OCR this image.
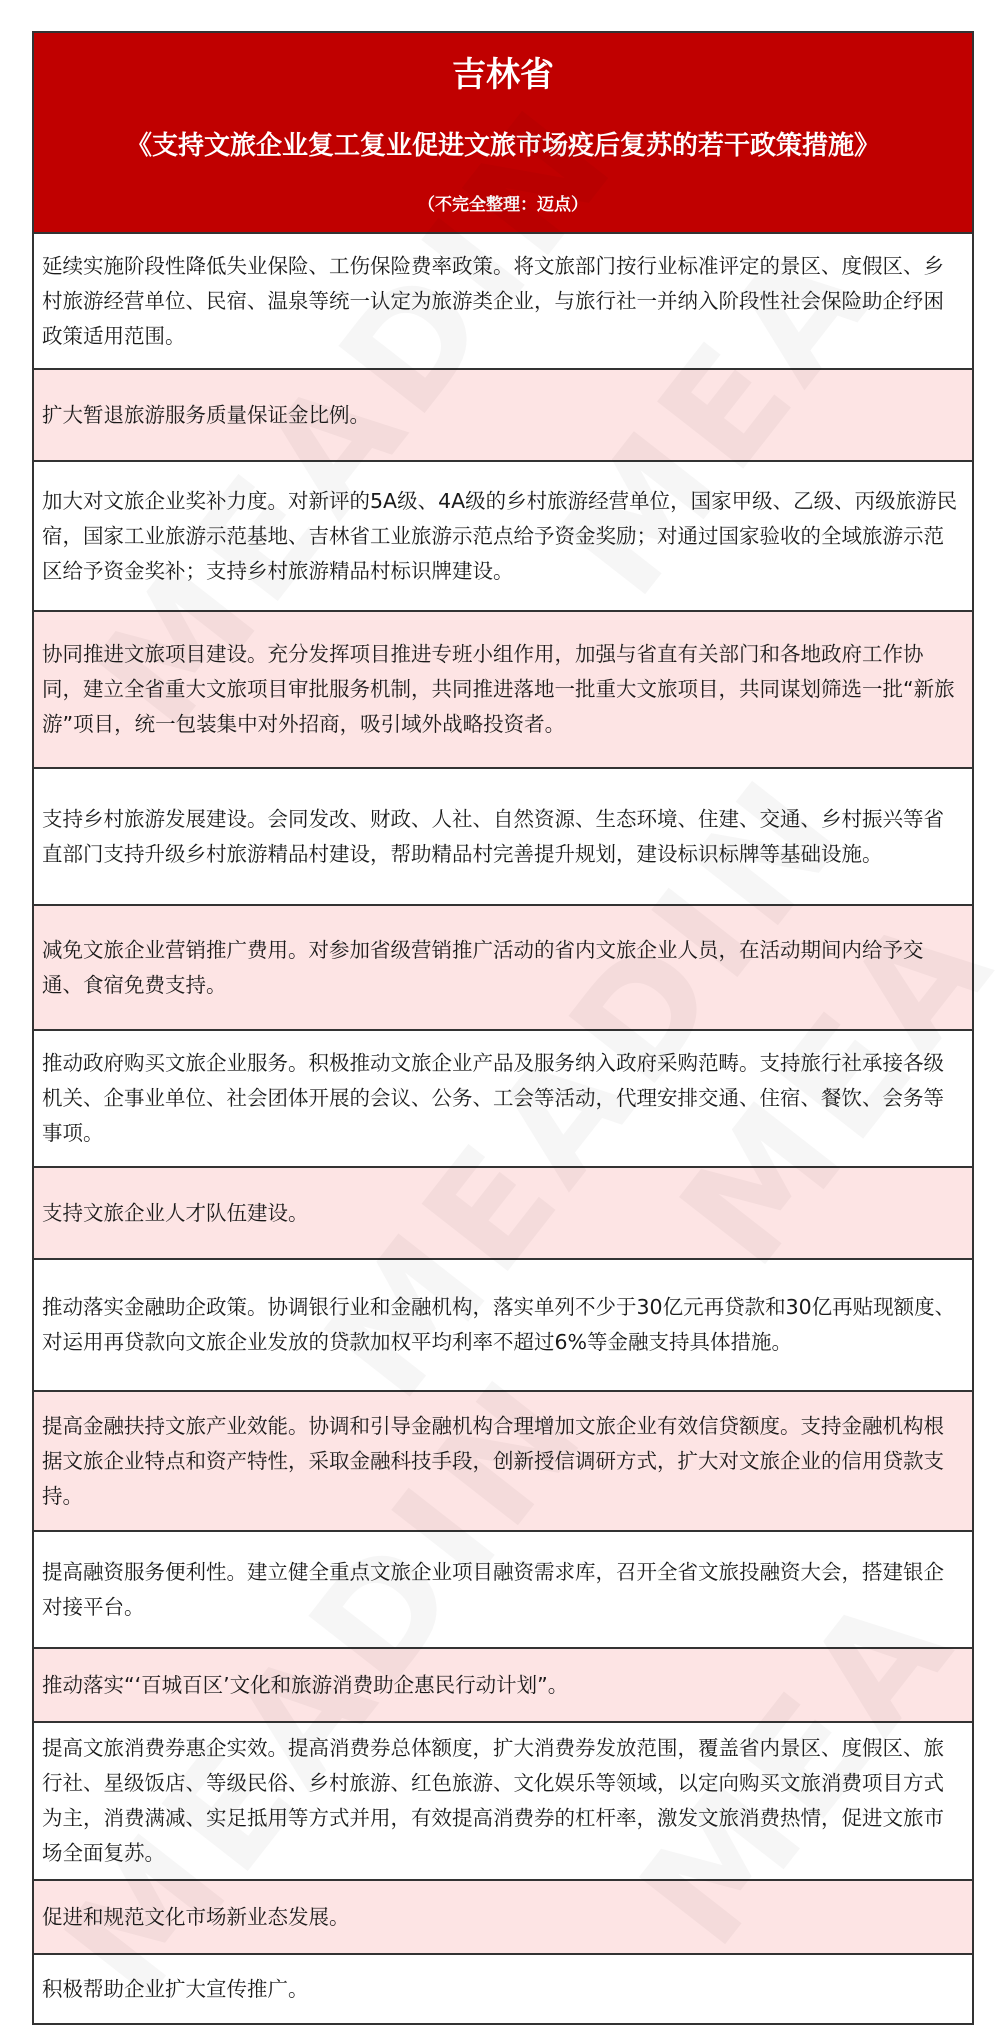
吉林省
《支持文旅企业复工复业促进文旅市场疫后复苏的若干政策措施》
（不完全整理：迈点）
延续实施阶段性降低失业保险、工伤保险费率政策。将文旅部门按行业标准评定的景区、度假区、乡村旅游经营单位、民宿、温泉等统一认定为旅游类企业，与旅行社一并纳入阶段性社会保险助企纾困政策适用范围。
扩大暂退旅游服务质量保证金比例。
加大对文旅企业奖补力度。对新评的5A级、4A级的乡村旅游经营单位，国家甲级、乙级、丙级旅游民宿，国家工业旅游示范基地、吉林省工业旅游示范点给予资金奖励；对通过国家验收的全域旅游示范区给予资金奖补；支持乡村旅游精品村标识牌建设。
协同推进文旅项目建设。充分发挥项目推进专班小组作用，加强与省直有关部门和各地政府工作协同，建立全省重大文旅项目审批服务机制，共同推进落地一批重大文旅项目，共同谋划筛选一批“新旅游”项目，统一包装集中对外招商，吸引域外战略投资者。
支持乡村旅游发展建设。会同发改、财政、人社、自然资源、生态环境、住建、交通、乡村振兴等省直部门支持升级乡村旅游精品村建设，帮助精品村完善提升规划，建设标识标牌等基础设施。
减免文旅企业营销推广费用。对参加省级营销推广活动的省内文旅企业人员，在活动期间内给予交通、食宿免费支持。
推动政府购买文旅企业服务。积极推动文旅企业产品及服务纳入政府采购范畴。支持旅行社承接各级机关、企事业单位、社会团体开展的会议、公务、工会等活动，代理安排交通、住宿、餐饮、会务等事项。
支持文旅企业人才队伍建设。
推动落实金融助企政策。协调银行业和金融机构，落实单列不少于30亿元再贷款和30亿再贴现额度、对运用再贷款向文旅企业发放的贷款加权平均利率不超过6%等金融支持具体措施。
提高金融扶持文旅产业效能。协调和引导金融机构合理增加文旅企业有效信贷额度。支持金融机构根据文旅企业特点和资产特性，采取金融科技手段，创新授信调研方式，扩大对文旅企业的信用贷款支持。
提高融资服务便利性。建立健全重点文旅企业项目融资需求库，召开全省文旅投融资大会，搭建银企对接平台。
推动落实“‘百城百区’文化和旅游消费助企惠民行动计划”。
提高文旅消费券惠企实效。提高消费券总体额度，扩大消费券发放范围，覆盖省内景区、度假区、旅行社、星级饭店、等级民俗、乡村旅游、红色旅游、文化娱乐等领域，以定向购买文旅消费项目方式为主，消费满减、实足抵用等方式并用，有效提高消费券的杠杆率，激发文旅消费热情，促进文旅市场全面复苏。
促进和规范文化市场新业态发展。
积极帮助企业扩大宣传推广。
